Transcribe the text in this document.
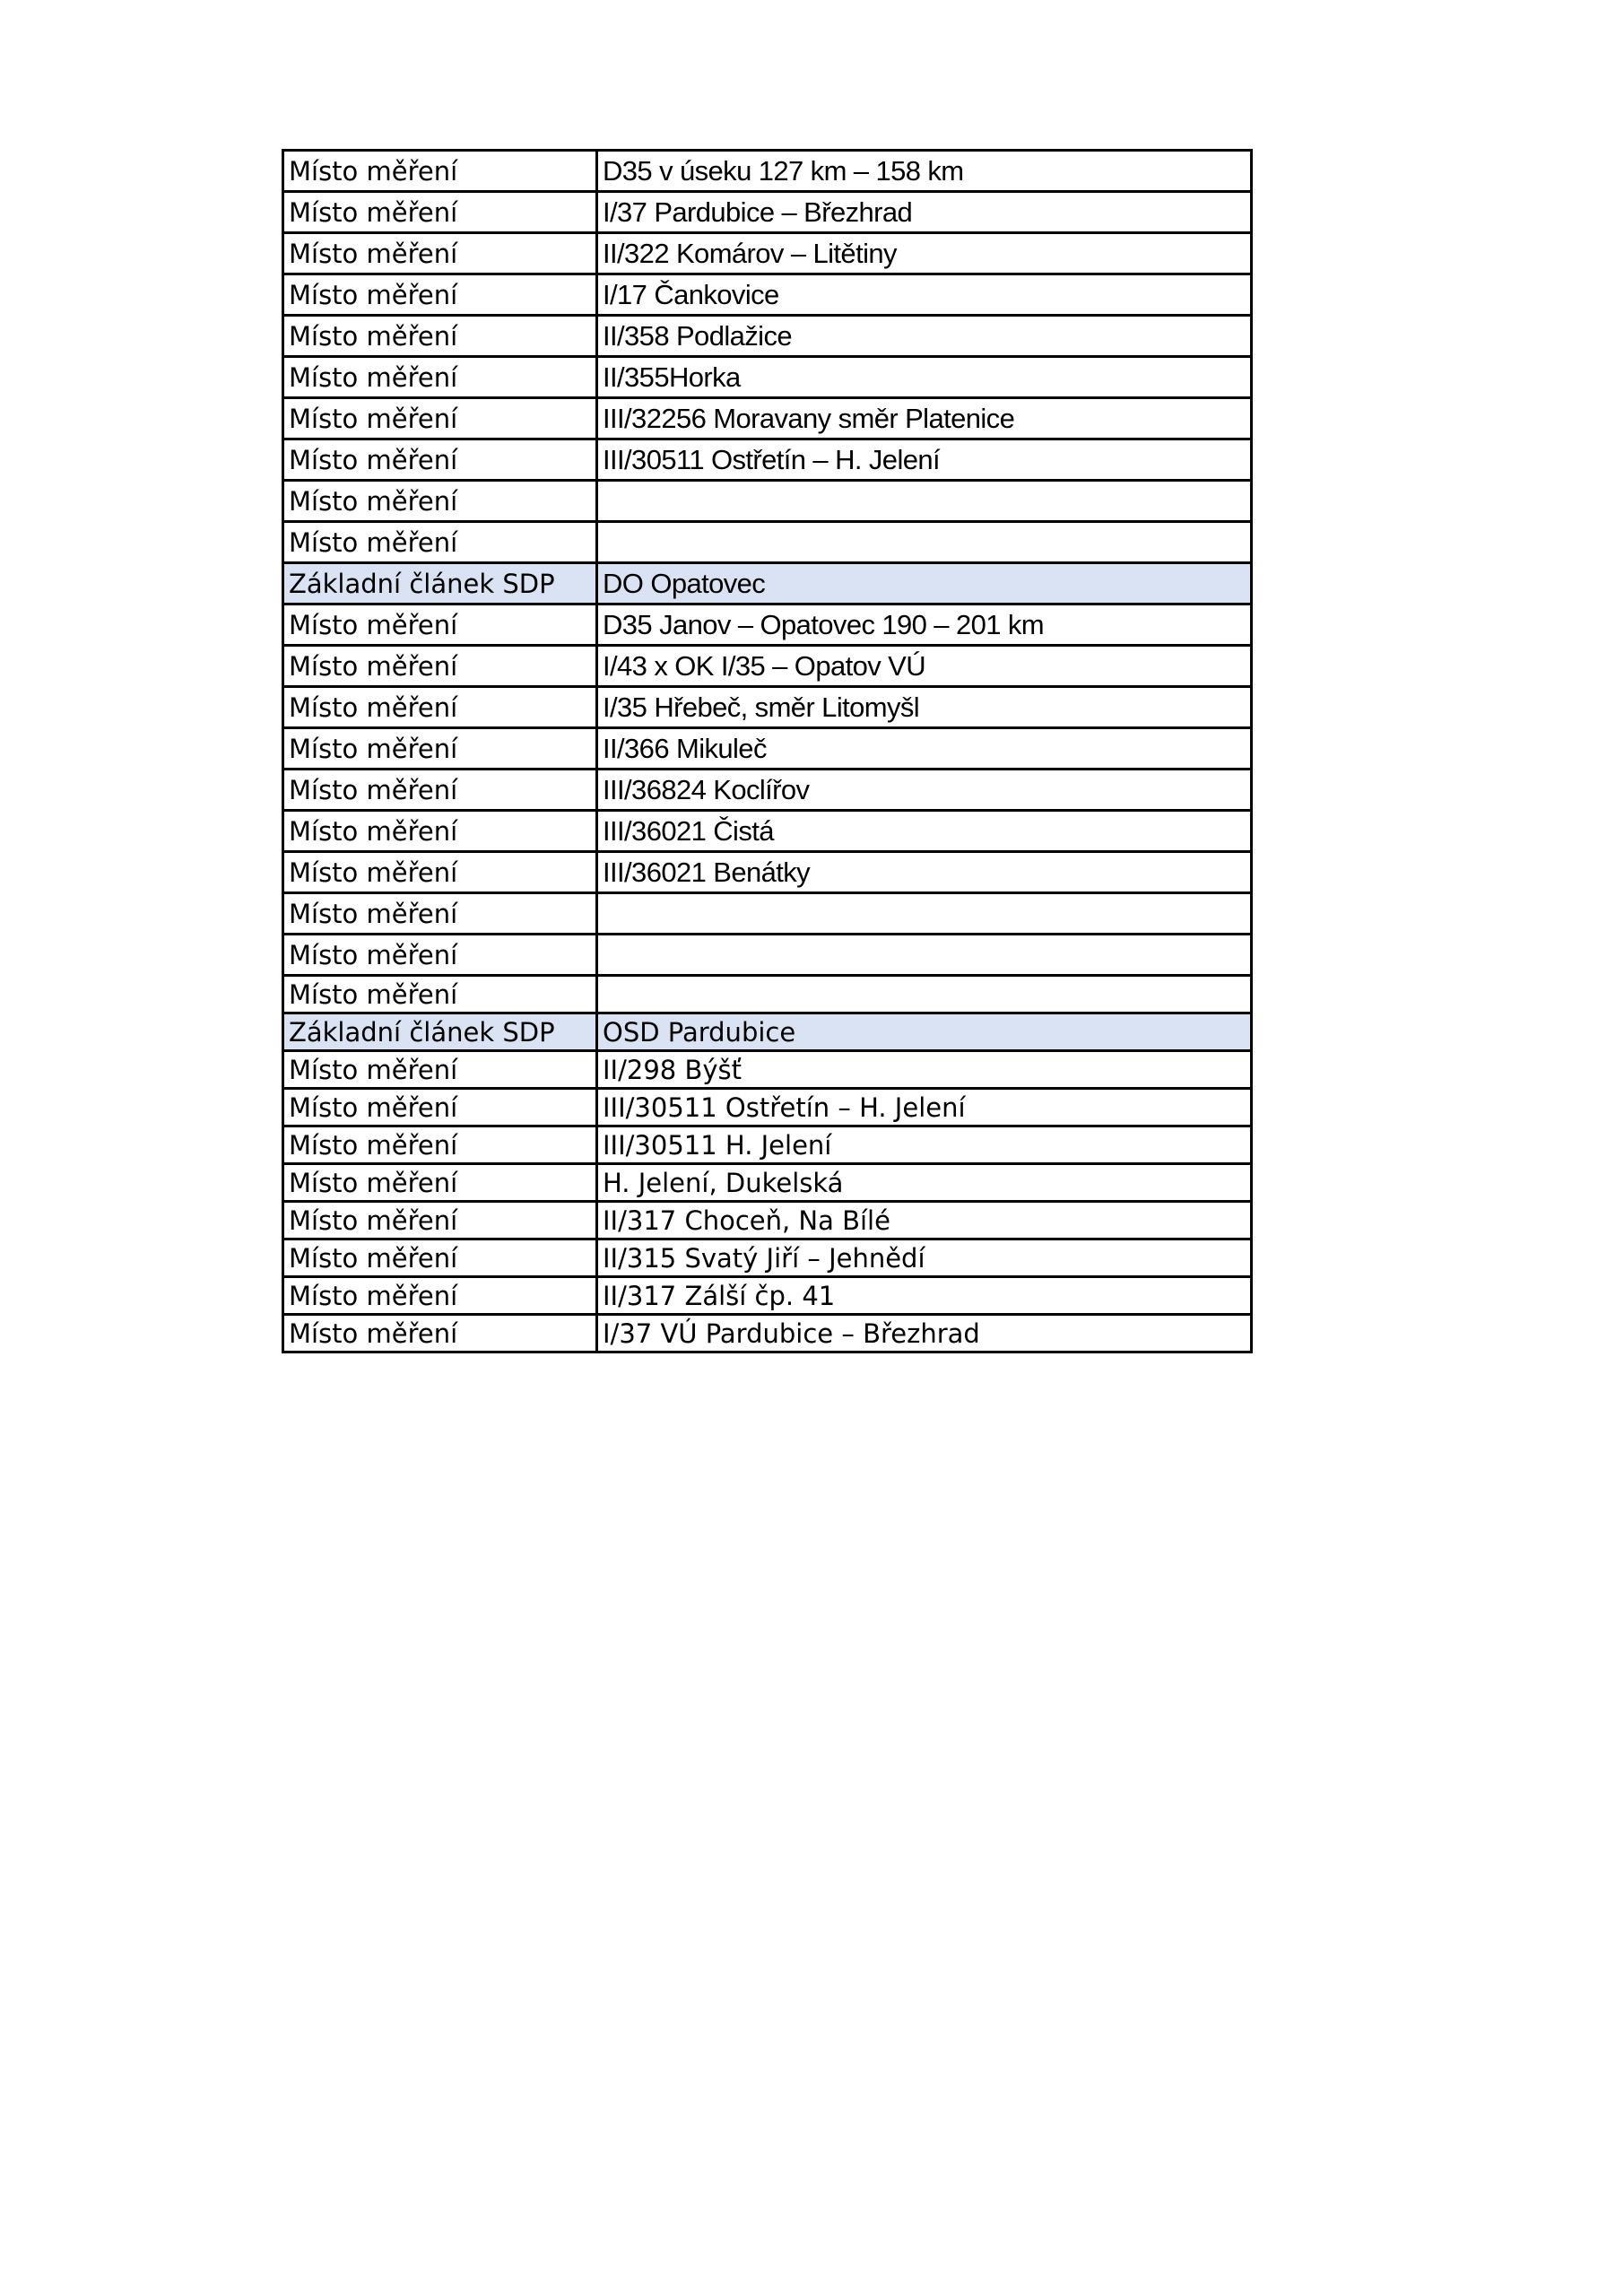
Místo měření	D35 v úseku 127 km – 158 km
Místo měření	I/37 Pardubice – Březhrad
Místo měření	II/322 Komárov – Litětiny
Místo měření	I/17 Čankovice
Místo měření	II/358 Podlažice
Místo měření	II/355Horka
Místo měření	III/32256 Moravany směr Platenice
Místo měření	III/30511 Ostřetín – H. Jelení
Místo měření	
Místo měření	
Základní článek SDP	DO Opatovec
Místo měření	D35 Janov – Opatovec 190 – 201 km
Místo měření	I/43 x OK I/35 – Opatov VÚ
Místo měření	I/35 Hřebeč, směr Litomyšl
Místo měření	II/366 Mikuleč
Místo měření	III/36824 Koclířov
Místo měření	III/36021 Čistá
Místo měření	III/36021 Benátky
Místo měření	
Místo měření	
Místo měření	
Základní článek SDP	OSD Pardubice
Místo měření	II/298 Býšť
Místo měření	III/30511 Ostřetín – H. Jelení
Místo měření	III/30511 H. Jelení
Místo měření	H. Jelení, Dukelská
Místo měření	II/317 Choceň, Na Bílé
Místo měření	II/315 Svatý Jiří – Jehnědí
Místo měření	II/317 Zálší čp. 41
Místo měření	I/37 VÚ Pardubice – Březhrad
